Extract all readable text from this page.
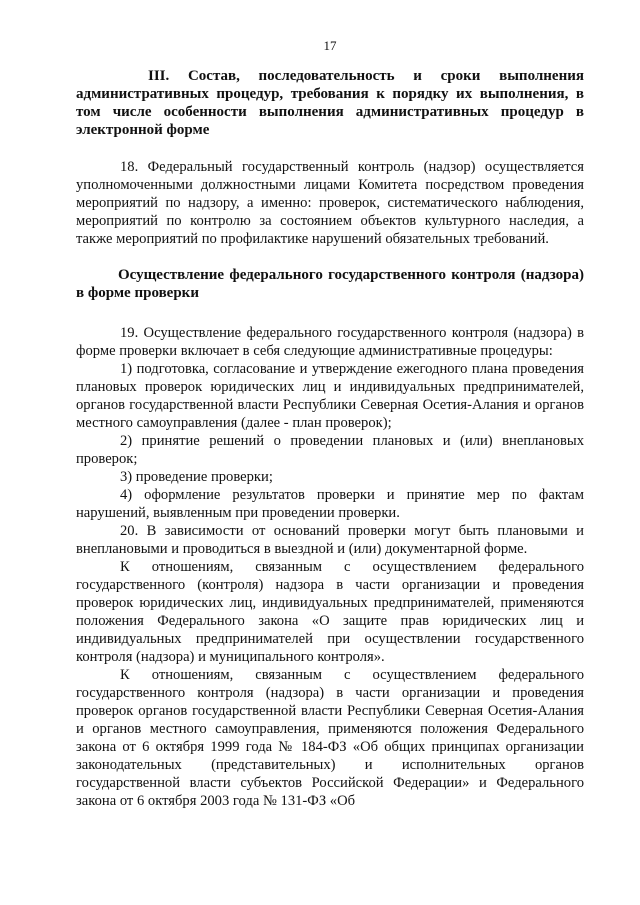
17
III. Состав, последовательность и сроки выполнения административных процедур, требования к порядку их выполнения, в том числе особенности выполнения административных процедур в электронной форме

18. Федеральный государственный контроль (надзор) осуществляется уполномоченными должностными лицами Комитета посредством проведения мероприятий по надзору, а именно: проверок, систематического наблюдения, мероприятий по контролю за состоянием объектов культурного наследия, а также мероприятий по профилактике нарушений обязательных требований.

Осуществление федерального государственного контроля (надзора) в форме проверки

19. Осуществление федерального государственного контроля (надзора) в форме проверки включает в себя следующие административные процедуры:

1) подготовка, согласование и утверждение ежегодного плана проведения плановых проверок юридических лиц и индивидуальных предпринимателей, органов государственной власти Республики Северная Осетия-Алания и органов местного самоуправления (далее - план проверок);

2) принятие решений о проведении плановых и (или) внеплановых проверок;

3) проведение проверки;

4) оформление результатов проверки и принятие мер по фактам нарушений, выявленным при проведении проверки.

20. В зависимости от оснований проверки могут быть плановыми и внеплановыми и проводиться в выездной и (или) документарной форме.

К отношениям, связанным с осуществлением федерального государственного (контроля) надзора в части организации и проведения проверок юридических лиц, индивидуальных предпринимателей, применяются положения Федерального закона «О защите прав юридических лиц и индивидуальных предпринимателей при осуществлении государственного контроля (надзора) и муниципального контроля».

К отношениям, связанным с осуществлением федерального государственного контроля (надзора) в части организации и проведения проверок органов государственной власти Республики Северная Осетия-Алания и органов местного самоуправления, применяются положения Федерального закона от 6 октября 1999 года № 184-ФЗ «Об общих принципах организации законодательных (представительных) и исполнительных органов государственной власти субъектов Российской Федерации» и Федерального закона от 6 октября 2003 года № 131-ФЗ «Об
